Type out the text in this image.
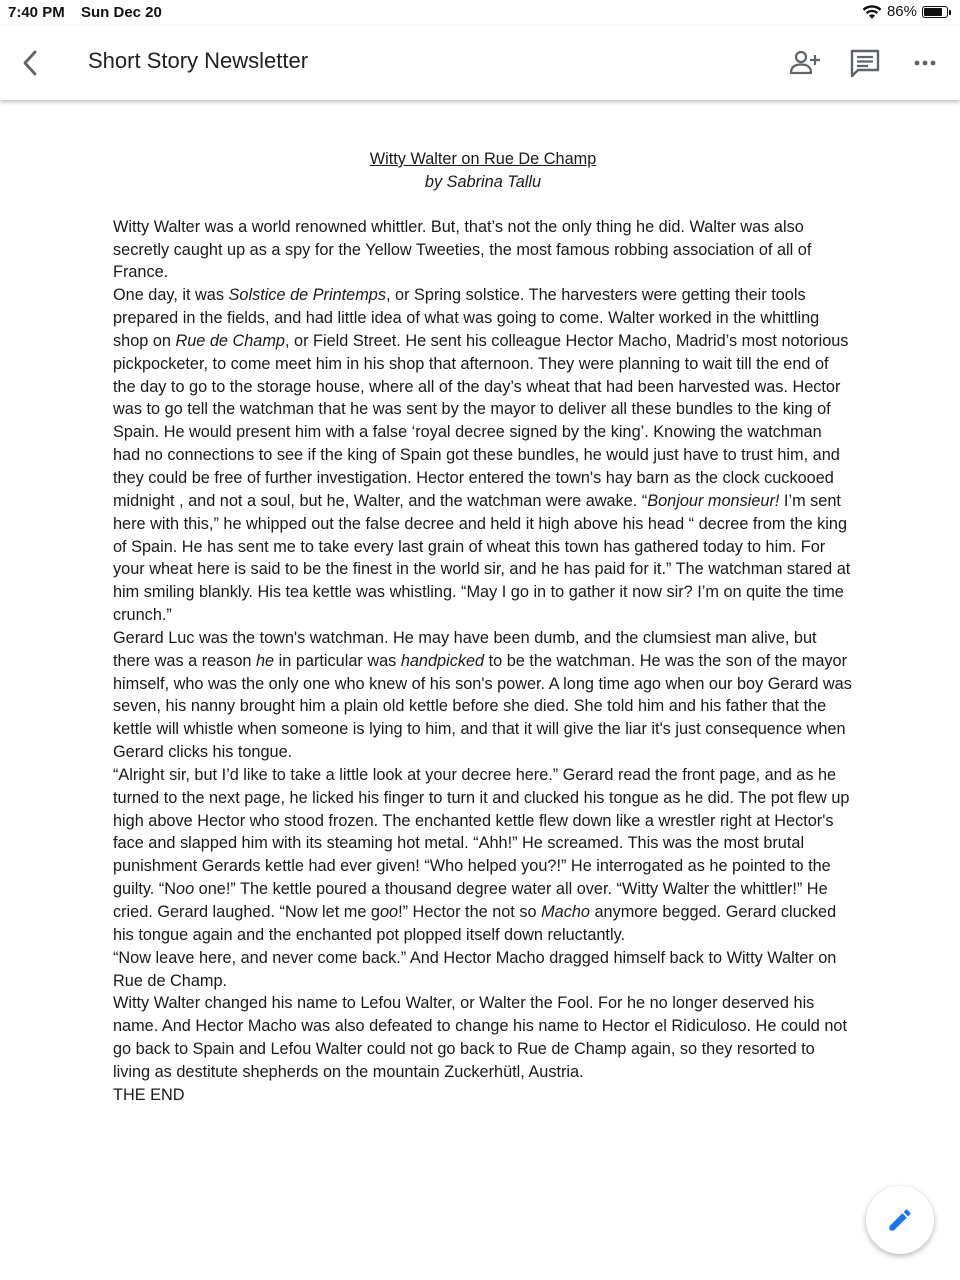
7:40 PM Sun Dec 20	86%
Short Story Newsletter
Witty Walter on Rue De Champ
by Sabrina Tallu

Witty Walter was a world renowned whittler. But, that’s not the only thing he did. Walter was also secretly caught up as a spy for the Yellow Tweeties, the most famous robbing association of all of France.

One day, it was Solstice de Printemps, or Spring solstice. The harvesters were getting their tools prepared in the fields, and had little idea of what was going to come. Walter worked in the whittling shop on Rue de Champ, or Field Street. He sent his colleague Hector Macho, Madrid’s most notorious pickpocketer, to come meet him in his shop that afternoon. They were planning to wait till the end of the day to go to the storage house, where all of the day’s wheat that had been harvested was. Hector was to go tell the watchman that he was sent by the mayor to deliver all these bundles to the king of Spain. He would present him with a false ‘royal decree signed by the king’. Knowing the watchman had no connections to see if the king of Spain got these bundles, he would just have to trust him, and they could be free of further investigation. Hector entered the town's hay barn as the clock cuckooed midnight , and not a soul, but he, Walter, and the watchman were awake. “Bonjour monsieur! I’m sent here with this,” he whipped out the false decree and held it high above his head “ decree from the king of Spain. He has sent me to take every last grain of wheat this town has gathered today to him. For your wheat here is said to be the finest in the world sir, and he has paid for it.” The watchman stared at him smiling blankly. His tea kettle was whistling. “May I go in to gather it now sir? I’m on quite the time crunch.”

Gerard Luc was the town's watchman. He may have been dumb, and the clumsiest man alive, but there was a reason he in particular was handpicked to be the watchman. He was the son of the mayor himself, who was the only one who knew of his son's power. A long time ago when our boy Gerard was seven, his nanny brought him a plain old kettle before she died. She told him and his father that the kettle will whistle when someone is lying to him, and that it will give the liar it's just consequence when Gerard clicks his tongue.

“Alright sir, but I’d like to take a little look at your decree here.” Gerard read the front page, and as he turned to the next page, he licked his finger to turn it and clucked his tongue as he did. The pot flew up high above Hector who stood frozen. The enchanted kettle flew down like a wrestler right at Hector's face and slapped him with its steaming hot metal. “Ahh!” He screamed. This was the most brutal punishment Gerards kettle had ever given! “Who helped you?!” He interrogated as he pointed to the guilty. “Noo one!” The kettle poured a thousand degree water all over. “Witty Walter the whittler!” He cried. Gerard laughed. “Now let me goo!” Hector the not so Macho anymore begged. Gerard clucked his tongue again and the enchanted pot plopped itself down reluctantly.

“Now leave here, and never come back.” And Hector Macho dragged himself back to Witty Walter on Rue de Champ.

Witty Walter changed his name to Lefou Walter, or Walter the Fool. For he no longer deserved his name. And Hector Macho was also defeated to change his name to Hector el Ridiculoso. He could not go back to Spain and Lefou Walter could not go back to Rue de Champ again, so they resorted to living as destitute shepherds on the mountain Zuckerhütl, Austria.

THE END
